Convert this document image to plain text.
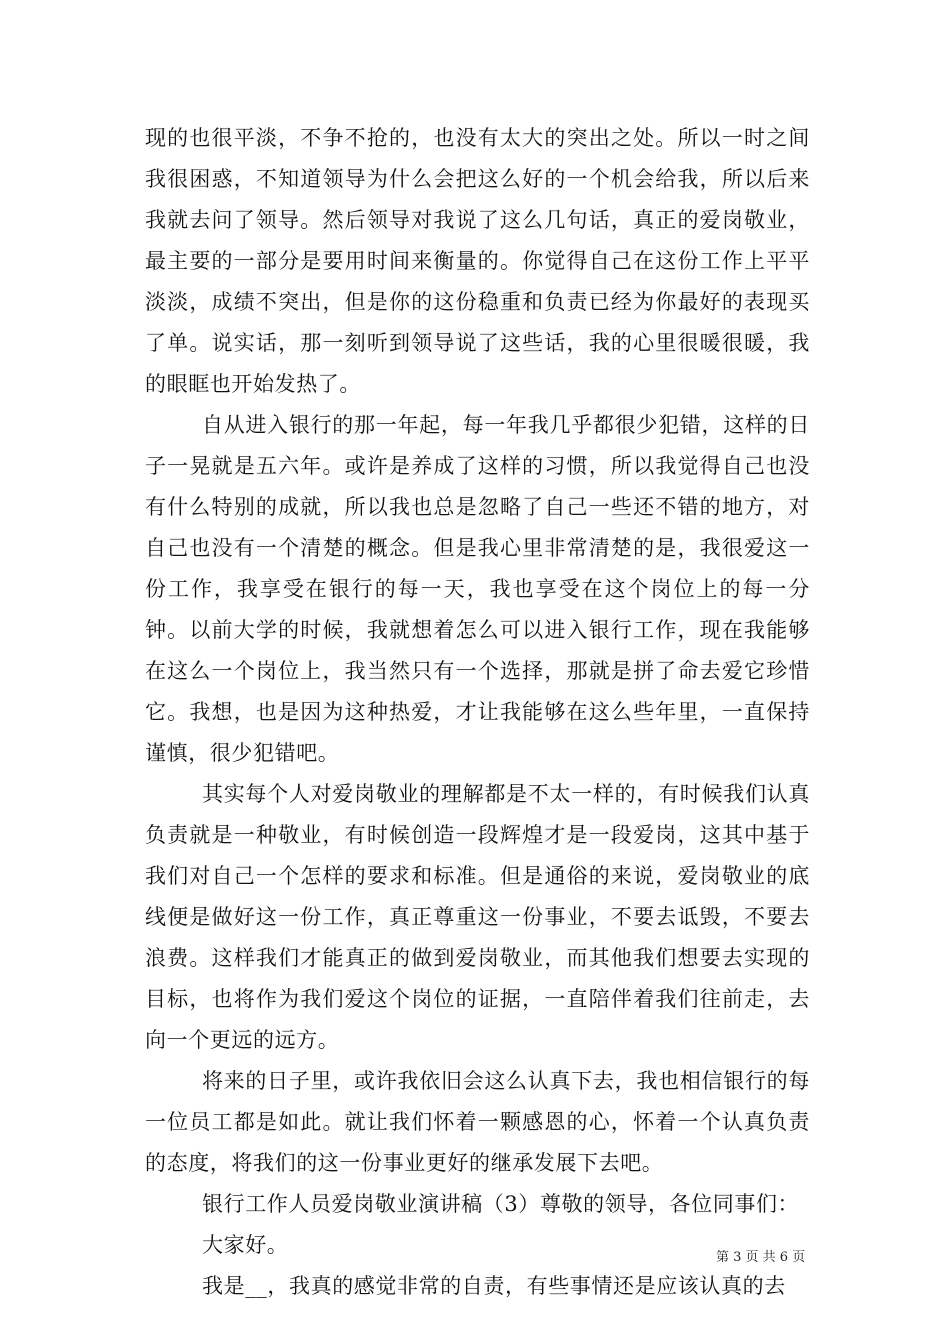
现的也很平淡，不争不抢的，也没有太大的突出之处。所以一时之间我很困惑，不知道领导为什么会把这么好的一个机会给我，所以后来我就去问了领导。然后领导对我说了这么几句话，真正的爱岗敬业，最主要的一部分是要用时间来衡量的。你觉得自己在这份工作上平平淡淡，成绩不突出，但是你的这份稳重和负责已经为你最好的表现买了单。说实话，那一刻听到领导说了这些话，我的心里很暖很暖，我的眼眶也开始发热了。

自从进入银行的那一年起，每一年我几乎都很少犯错，这样的日子一晃就是五六年。或许是养成了这样的习惯，所以我觉得自己也没有什么特别的成就，所以我也总是忽略了自己一些还不错的地方，对自己也没有一个清楚的概念。但是我心里非常清楚的是，我很爱这一份工作，我享受在银行的每一天，我也享受在这个岗位上的每一分钟。以前大学的时候，我就想着怎么可以进入银行工作，现在我能够在这么一个岗位上，我当然只有一个选择，那就是拼了命去爱它珍惜它。我想，也是因为这种热爱，才让我能够在这么些年里，一直保持谨慎，很少犯错吧。

其实每个人对爱岗敬业的理解都是不太一样的，有时候我们认真负责就是一种敬业，有时候创造一段辉煌才是一段爱岗，这其中基于我们对自己一个怎样的要求和标准。但是通俗的来说，爱岗敬业的底线便是做好这一份工作，真正尊重这一份事业，不要去诋毁，不要去浪费。这样我们才能真正的做到爱岗敬业，而其他我们想要去实现的目标，也将作为我们爱这个岗位的证据，一直陪伴着我们往前走，去向一个更远的远方。

将来的日子里，或许我依旧会这么认真下去，我也相信银行的每一位员工都是如此。就让我们怀着一颗感恩的心，怀着一个认真负责的态度，将我们的这一份事业更好的继承发展下去吧。

银行工作人员爱岗敬业演讲稿（3）尊敬的领导，各位同事们：

大家好。

我是__，我真的感觉非常的自责，有些事情还是应该认真的去

第 3 页 共 6 页
